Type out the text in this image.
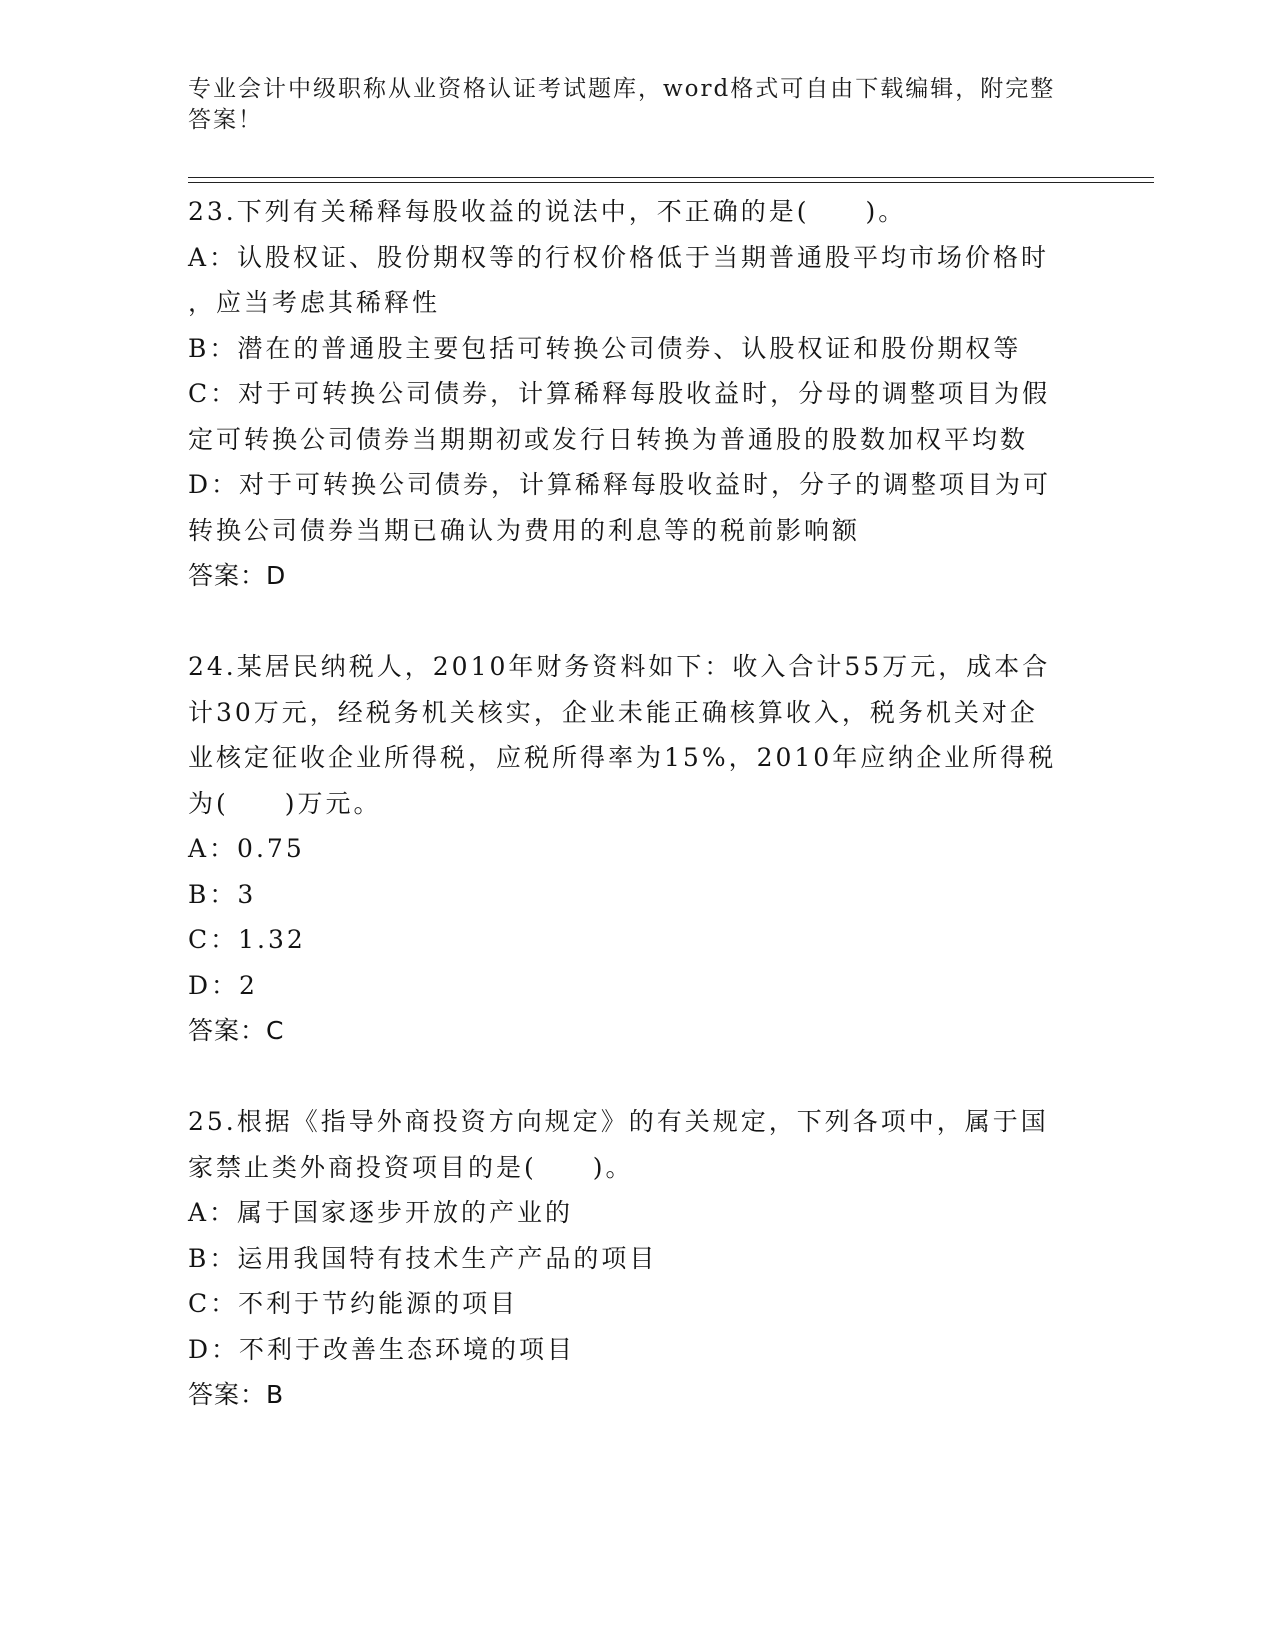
专业会计中级职称从业资格认证考试题库，word格式可自由下载编辑，附完整答案！
23.下列有关稀释每股收益的说法中，不正确的是(　　)。
A：认股权证、股份期权等的行权价格低于当期普通股平均市场价格时
，应当考虑其稀释性
B：潜在的普通股主要包括可转换公司债券、认股权证和股份期权等
C：对于可转换公司债券，计算稀释每股收益时，分母的调整项目为假
定可转换公司债券当期期初或发行日转换为普通股的股数加权平均数
D：对于可转换公司债券，计算稀释每股收益时，分子的调整项目为可
转换公司债券当期已确认为费用的利息等的税前影响额
答案：D
24.某居民纳税人，2010年财务资料如下：收入合计55万元，成本合
计30万元，经税务机关核实，企业未能正确核算收入，税务机关对企
业核定征收企业所得税，应税所得率为15%，2010年应纳企业所得税
为(　　)万元。
A：0.75
B：3
C：1.32
D：2
答案：C
25.根据《指导外商投资方向规定》的有关规定，下列各项中，属于国
家禁止类外商投资项目的是(　　)。
A：属于国家逐步开放的产业的
B：运用我国特有技术生产产品的项目
C：不利于节约能源的项目
D：不利于改善生态环境的项目
答案：B
